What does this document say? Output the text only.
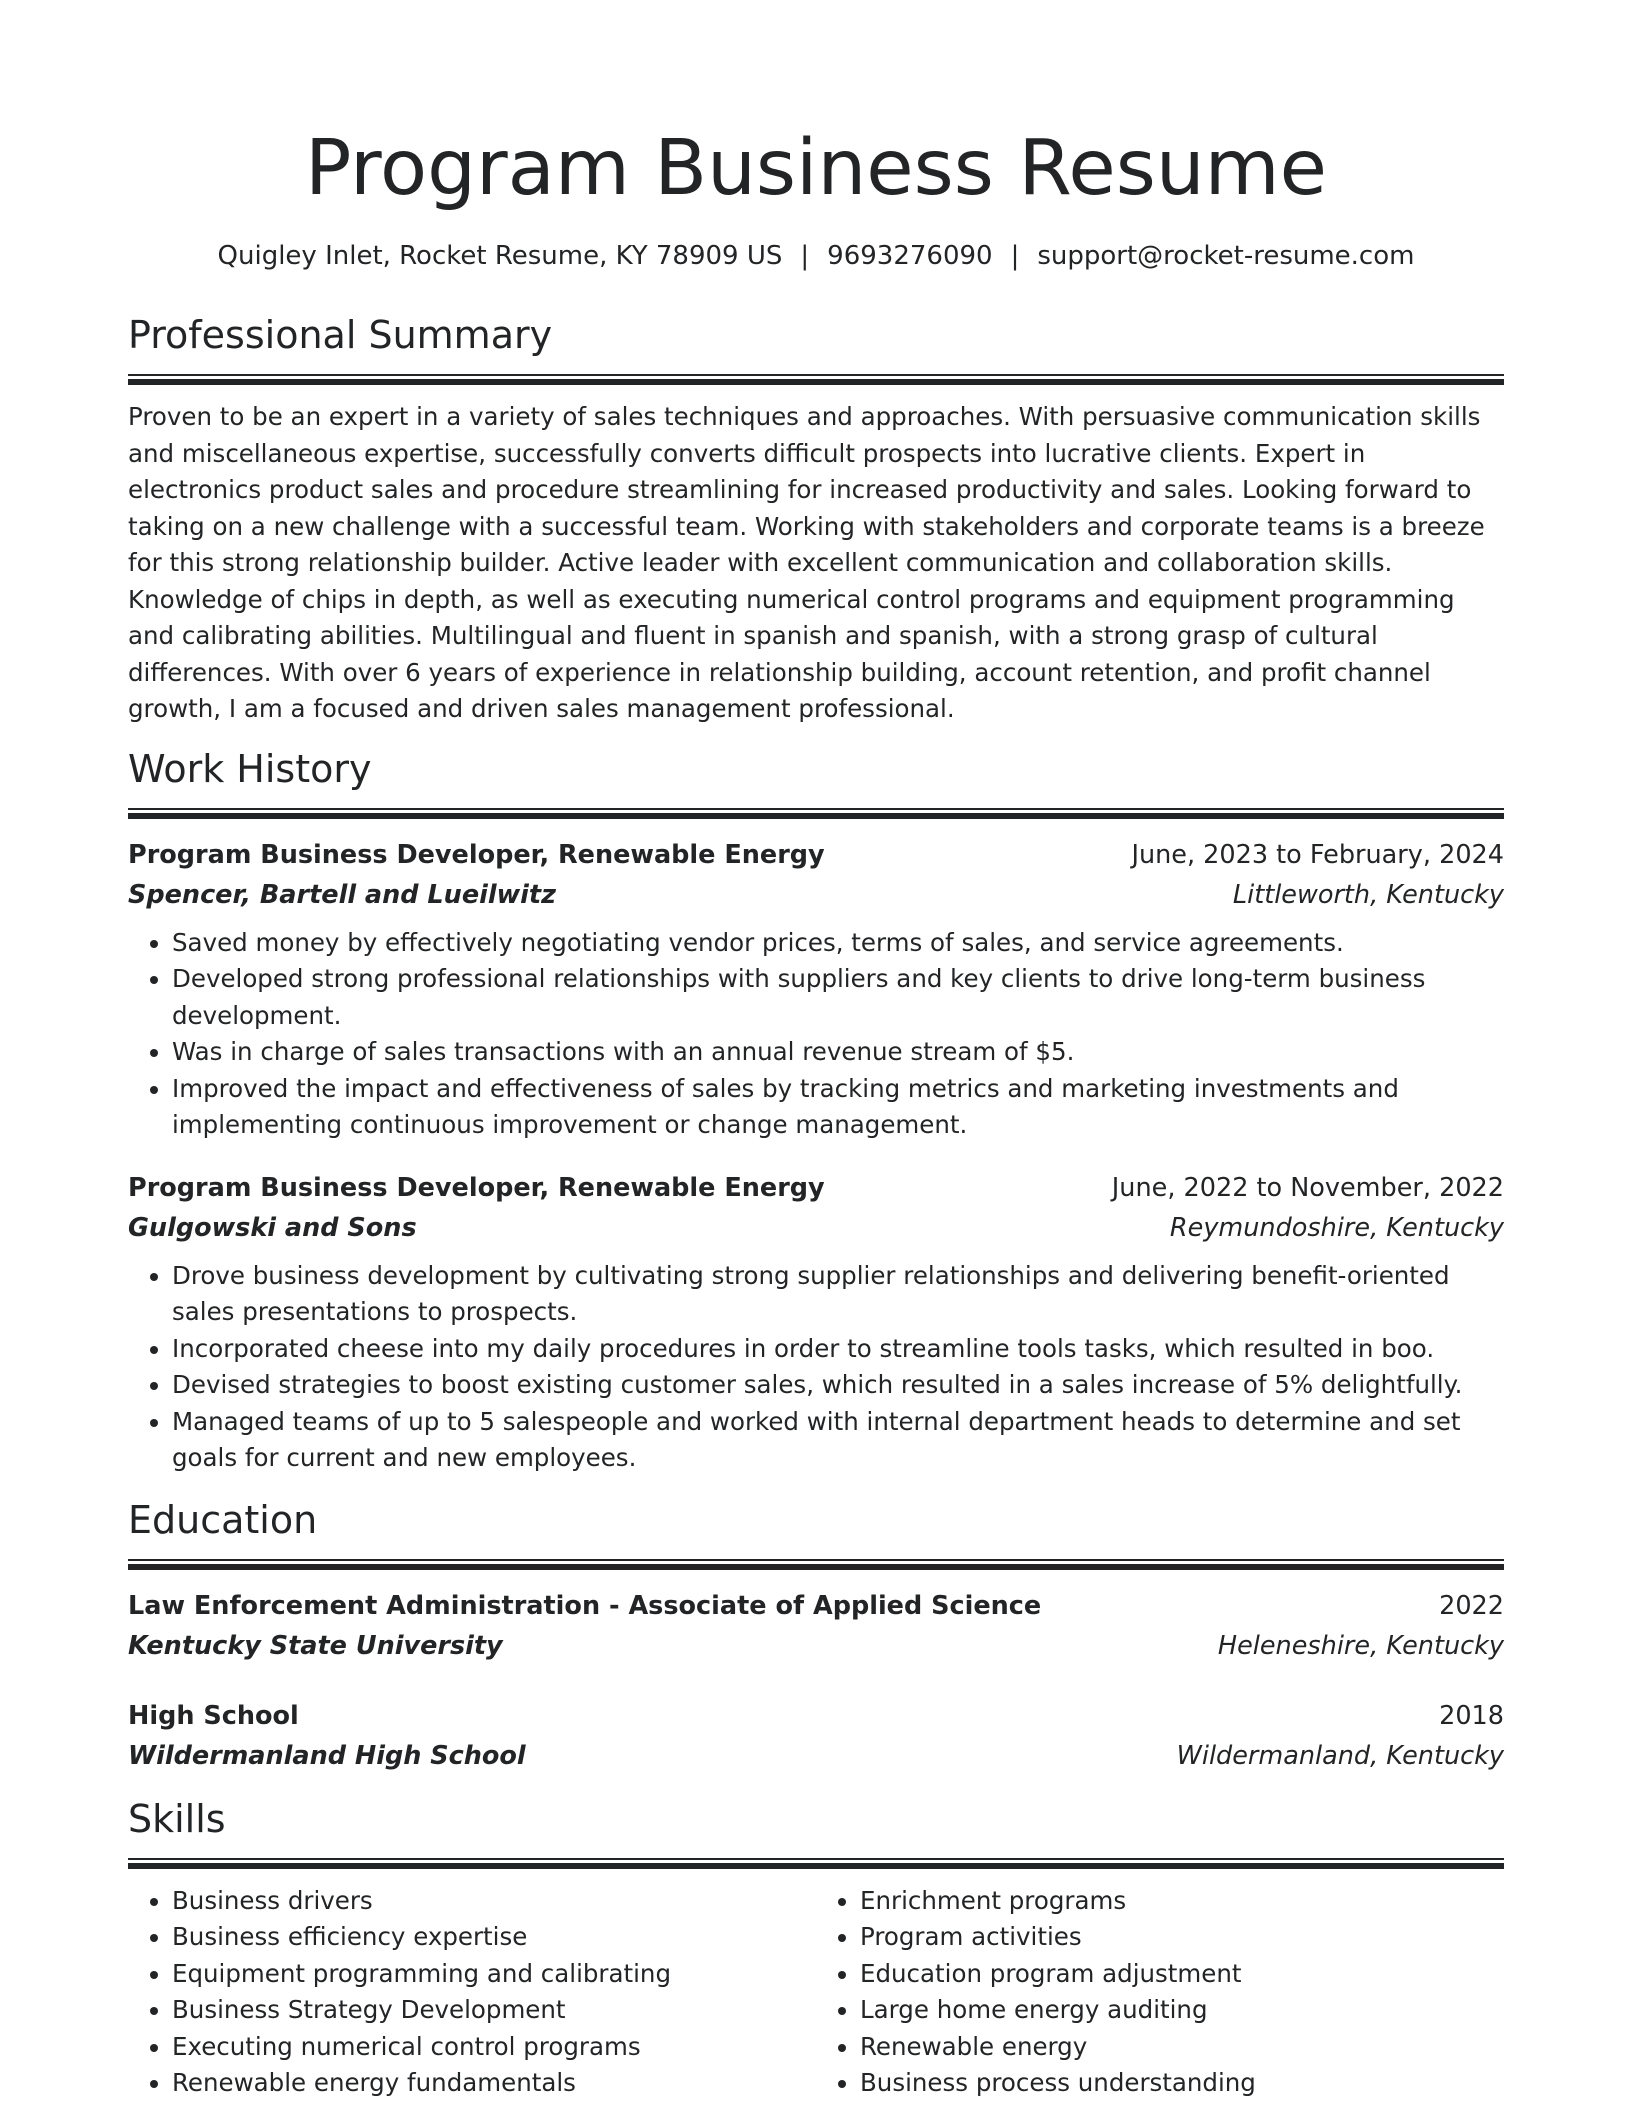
Program Business Resume
Quigley Inlet, Rocket Resume, KY 78909 US | 9693276090 | support@rocket-resume.com
Professional Summary

Proven to be an expert in a variety of sales techniques and approaches. With persuasive communication skills and miscellaneous expertise, successfully converts difficult prospects into lucrative clients. Expert in electronics product sales and procedure streamlining for increased productivity and sales. Looking forward to taking on a new challenge with a successful team. Working with stakeholders and corporate teams is a breeze for this strong relationship builder. Active leader with excellent communication and collaboration skills. Knowledge of chips in depth, as well as executing numerical control programs and equipment programming and calibrating abilities. Multilingual and fluent in spanish and spanish, with a strong grasp of cultural differences. With over 6 years of experience in relationship building, account retention, and profit channel growth, I am a focused and driven sales management professional.

Work History
Program Business Developer, Renewable Energy	June, 2023 to February, 2024
Spencer, Bartell and Lueilwitz	Littleworth, Kentucky
• Saved money by effectively negotiating vendor prices, terms of sales, and service agreements.
• Developed strong professional relationships with suppliers and key clients to drive long-term business development.
• Was in charge of sales transactions with an annual revenue stream of $5.
• Improved the impact and effectiveness of sales by tracking metrics and marketing investments and implementing continuous improvement or change management.
Program Business Developer, Renewable Energy	June, 2022 to November, 2022
Gulgowski and Sons	Reymundoshire, Kentucky
• Drove business development by cultivating strong supplier relationships and delivering benefit-oriented sales presentations to prospects.
• Incorporated cheese into my daily procedures in order to streamline tools tasks, which resulted in boo.
• Devised strategies to boost existing customer sales, which resulted in a sales increase of 5% delightfully.
• Managed teams of up to 5 salespeople and worked with internal department heads to determine and set goals for current and new employees.
Education
Law Enforcement Administration - Associate of Applied Science	2022
Kentucky State University	Heleneshire, Kentucky
High School	2018
Wildermanland High School	Wildermanland, Kentucky
Skills
• Business drivers
• Business efficiency expertise
• Equipment programming and calibrating
• Business Strategy Development
• Executing numerical control programs
• Renewable energy fundamentals
• Enrichment programs
• Program activities
• Education program adjustment
• Large home energy auditing
• Renewable energy
• Business process understanding
